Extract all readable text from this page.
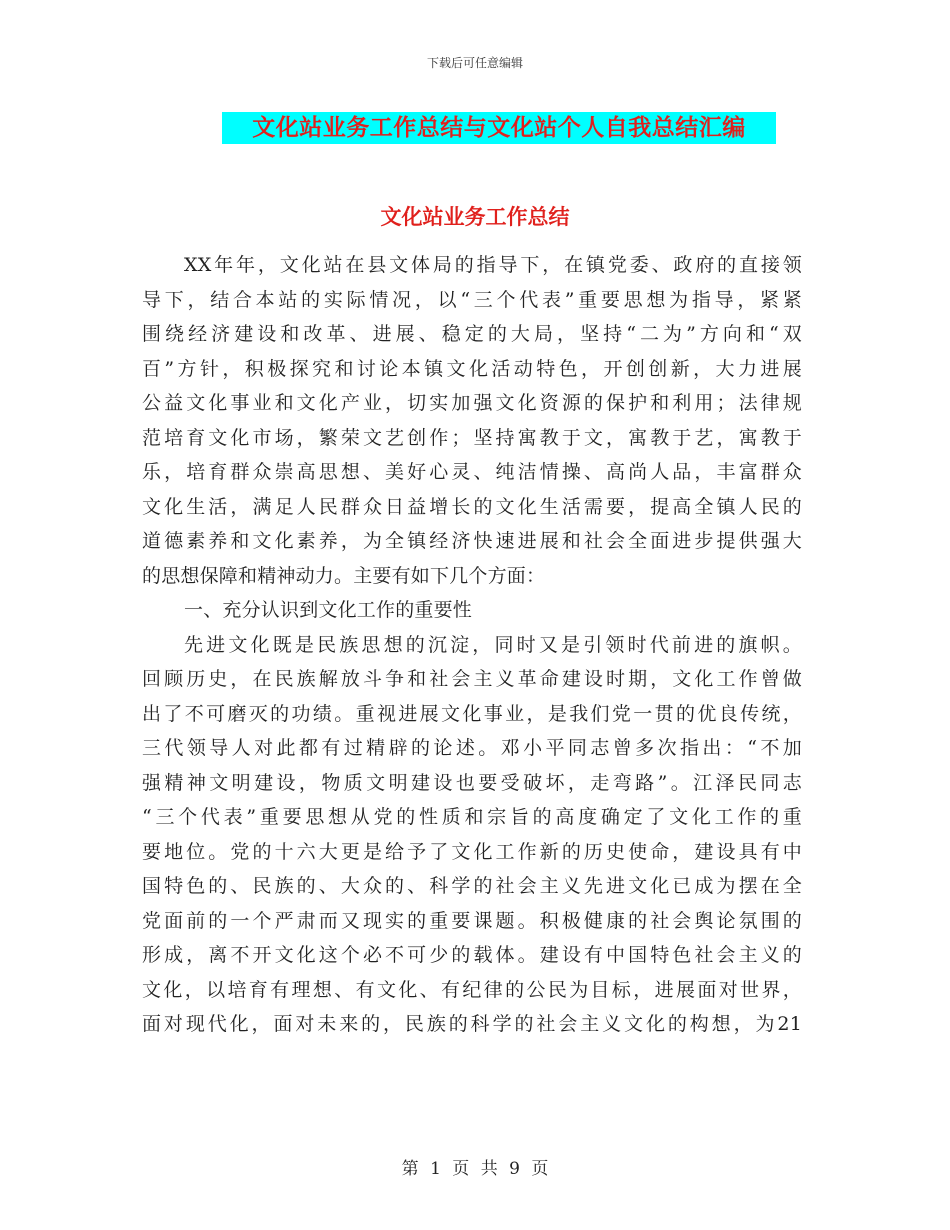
下载后可任意编辑
文化站业务工作总结与文化站个人自我总结汇编
文化站业务工作总结
XX年年，文化站在县文体局的指导下，在镇党委、政府的直接领
导下，结合本站的实际情况，以“三个代表”重要思想为指导，紧紧
围绕经济建设和改革、进展、稳定的大局，坚持“二为”方向和“双
百”方针，积极探究和讨论本镇文化活动特色，开创创新，大力进展
公益文化事业和文化产业，切实加强文化资源的保护和利用；法律规
范培育文化市场，繁荣文艺创作；坚持寓教于文，寓教于艺，寓教于
乐，培育群众崇高思想、美好心灵、纯洁情操、高尚人品，丰富群众
文化生活，满足人民群众日益增长的文化生活需要，提高全镇人民的
道德素养和文化素养，为全镇经济快速进展和社会全面进步提供强大
的思想保障和精神动力。主要有如下几个方面：
一、充分认识到文化工作的重要性
先进文化既是民族思想的沉淀，同时又是引领时代前进的旗帜。
回顾历史，在民族解放斗争和社会主义革命建设时期，文化工作曾做
出了不可磨灭的功绩。重视进展文化事业，是我们党一贯的优良传统，
三代领导人对此都有过精辟的论述。邓小平同志曾多次指出：“不加
强精神文明建设，物质文明建设也要受破坏，走弯路”。江泽民同志
“三个代表”重要思想从党的性质和宗旨的高度确定了文化工作的重
要地位。党的十六大更是给予了文化工作新的历史使命，建设具有中
国特色的、民族的、大众的、科学的社会主义先进文化已成为摆在全
党面前的一个严肃而又现实的重要课题。积极健康的社会舆论氛围的
形成，离不开文化这个必不可少的载体。建设有中国特色社会主义的
文化，以培育有理想、有文化、有纪律的公民为目标，进展面对世界，
面对现代化，面对未来的，民族的科学的社会主义文化的构想，为21
第 1 页 共 9 页
